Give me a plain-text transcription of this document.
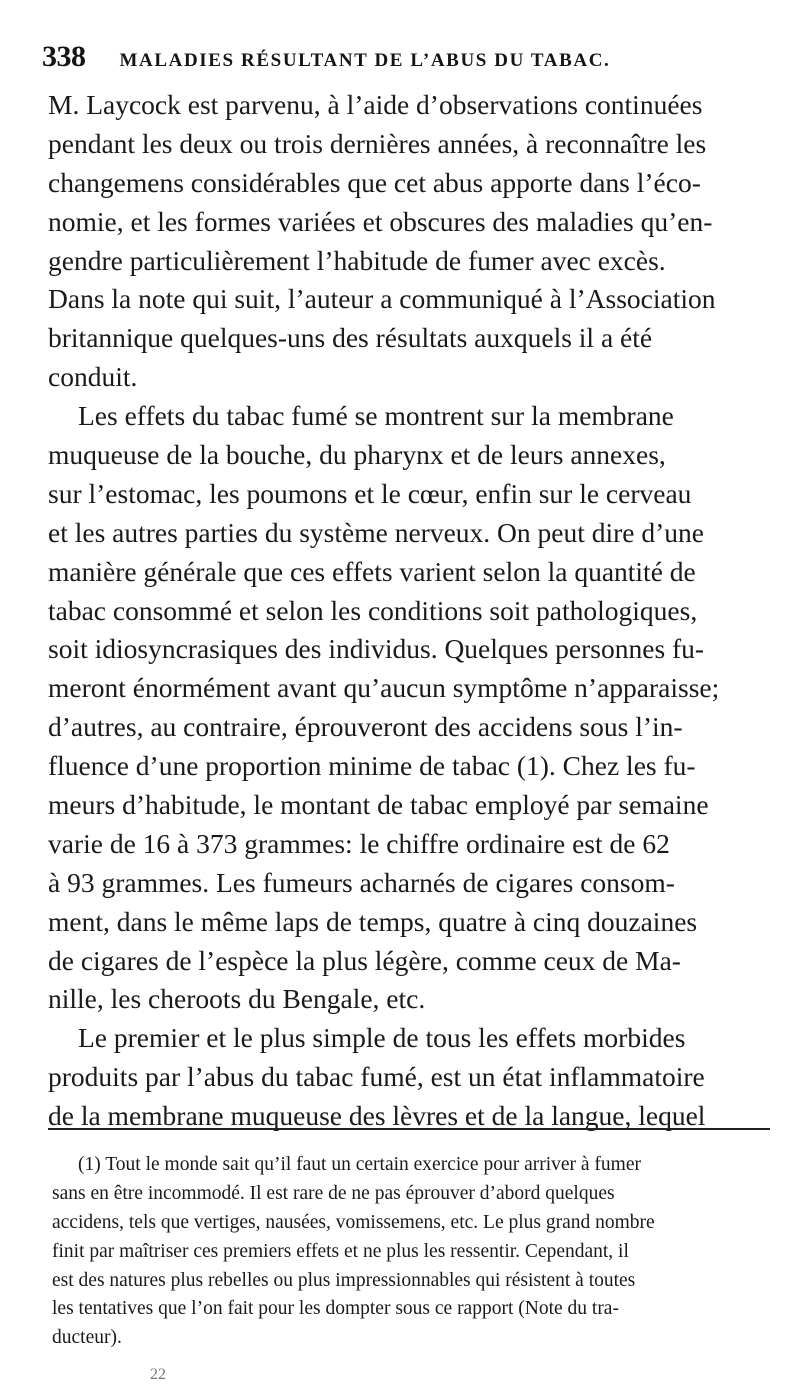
338 MALADIES RÉSULTANT DE L’ABUS DU TABAC.
M. Laycock est parvenu, à l’aide d’observations continuées
pendant les deux ou trois dernières années, à reconnaître les
changemens considérables que cet abus apporte dans l’éco-
nomie, et les formes variées et obscures des maladies qu’en-
gendre particulièrement l’habitude de fumer avec excès.
Dans la note qui suit, l’auteur a communiqué à l’Association
britannique quelques-uns des résultats auxquels il a été
conduit.
Les effets du tabac fumé se montrent sur la membrane
muqueuse de la bouche, du pharynx et de leurs annexes,
sur l’estomac, les poumons et le cœur, enfin sur le cerveau
et les autres parties du système nerveux. On peut dire d’une
manière générale que ces effets varient selon la quantité de
tabac consommé et selon les conditions soit pathologiques,
soit idiosyncrasiques des individus. Quelques personnes fu-
meront énormément avant qu’aucun symptôme n’apparaisse;
d’autres, au contraire, éprouveront des accidens sous l’in-
fluence d’une proportion minime de tabac (1). Chez les fu-
meurs d’habitude, le montant de tabac employé par semaine
varie de 16 à 373 grammes: le chiffre ordinaire est de 62
à 93 grammes. Les fumeurs acharnés de cigares consom-
ment, dans le même laps de temps, quatre à cinq douzaines
de cigares de l’espèce la plus légère, comme ceux de Ma-
nille, les cheroots du Bengale, etc.
Le premier et le plus simple de tous les effets morbides
produits par l’abus du tabac fumé, est un état inflammatoire
de la membrane muqueuse des lèvres et de la langue, lequel
(1) Tout le monde sait qu’il faut un certain exercice pour arriver à fumer
sans en être incommodé. Il est rare de ne pas éprouver d’abord quelques
accidens, tels que vertiges, nausées, vomissemens, etc. Le plus grand nombre
finit par maîtriser ces premiers effets et ne plus les ressentir. Cependant, il
est des natures plus rebelles ou plus impressionnables qui résistent à toutes
les tentatives que l’on fait pour les dompter sous ce rapport (Note du tra-
ducteur).
22
